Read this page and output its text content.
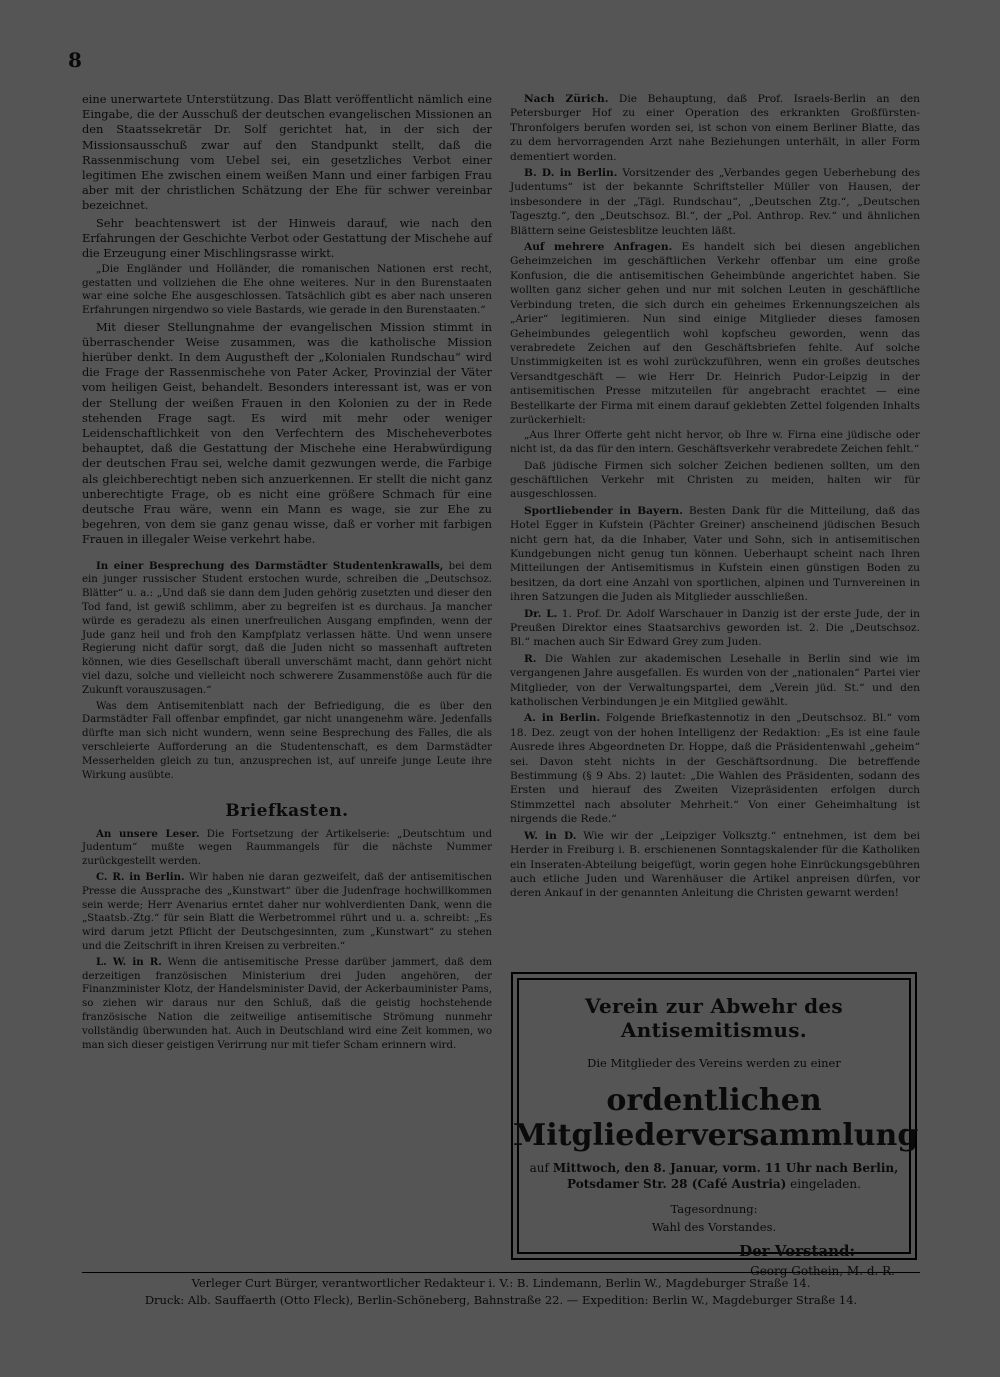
8

eine unerwartete Unterstützung. Das Blatt veröffentlicht nämlich eine Eingabe, die der Ausschuß der deutschen evangelischen Missionen an den Staatssekretär Dr. Solf gerichtet hat, in der sich der Missionsausschuß zwar auf den Standpunkt stellt, daß die Rassenmischung vom Uebel sei, ein gesetzliches Verbot einer legitimen Ehe zwischen einem weißen Mann und einer farbigen Frau aber mit der christlichen Schätzung der Ehe für schwer vereinbar bezeichnet.

Sehr beachtenswert ist der Hinweis darauf, wie nach den Erfahrungen der Geschichte Verbot oder Gestattung der Mischehe auf die Erzeugung einer Mischlingsrasse wirkt.

„Die Engländer und Holländer, die romanischen Nationen erst recht, gestatten und vollziehen die Ehe ohne weiteres. Nur in den Burenstaaten war eine solche Ehe ausgeschlossen. Tatsächlich gibt es aber nach unseren Erfahrungen nirgendwo so viele Bastards, wie gerade in den Burenstaaten.“

Mit dieser Stellungnahme der evangelischen Mission stimmt in überraschender Weise zusammen, was die katholische Mission hierüber denkt. In dem Augustheft der „Kolonialen Rundschau“ wird die Frage der Rassenmischehe von Pater Acker, Provinzial der Väter vom heiligen Geist, behandelt. Besonders interessant ist, was er von der Stellung der weißen Frauen in den Kolonien zu der in Rede stehenden Frage sagt. Es wird mit mehr oder weniger Leidenschaftlichkeit von den Verfechtern des Mischeheverbotes behauptet, daß die Gestattung der Mischehe eine Herabwürdigung der deutschen Frau sei, welche damit gezwungen werde, die Farbige als gleichberechtigt neben sich anzuerkennen. Er stellt die nicht ganz unberechtigte Frage, ob es nicht eine größere Schmach für eine deutsche Frau wäre, wenn ein Mann es wage, sie zur Ehe zu begehren, von dem sie ganz genau wisse, daß er vorher mit farbigen Frauen in illegaler Weise verkehrt habe.

In einer Besprechung des Darmstädter Studentenkrawalls, bei dem ein junger russischer Student erstochen wurde, schreiben die „Deutschsoz. Blätter“ u. a.: „Und daß sie dann dem Juden gehörig zusetzten und dieser den Tod fand, ist gewiß schlimm, aber zu begreifen ist es durchaus. Ja mancher würde es geradezu als einen unerfreulichen Ausgang empfinden, wenn der Jude ganz heil und froh den Kampfplatz verlassen hätte. Und wenn unsere Regierung nicht dafür sorgt, daß die Juden nicht so massenhaft auftreten können, wie dies Gesellschaft überall unverschämt macht, dann gehört nicht viel dazu, solche und vielleicht noch schwerere Zusammenstöße auch für die Zukunft vorauszusagen.“

Was dem Antisemitenblatt nach der Befriedigung, die es über den Darmstädter Fall offenbar empfindet, gar nicht unangenehm wäre. Jedenfalls dürfte man sich nicht wundern, wenn seine Besprechung des Falles, die als verschleierte Aufforderung an die Studentenschaft, es dem Darmstädter Messerhelden gleich zu tun, anzusprechen ist, auf unreife junge Leute ihre Wirkung ausübte.

Briefkasten.

An unsere Leser. Die Fortsetzung der Artikelserie: „Deutschtum und Judentum“ mußte wegen Raummangels für die nächste Nummer zurückgestellt werden.

C. R. in Berlin. Wir haben nie daran gezweifelt, daß der antisemitischen Presse die Aussprache des „Kunstwart“ über die Judenfrage hochwillkommen sein werde; Herr Avenarius erntet daher nur wohlverdienten Dank, wenn die „Staatsb.-Ztg.“ für sein Blatt die Werbetrommel rührt und u. a. schreibt: „Es wird darum jetzt Pflicht der Deutschgesinnten, zum „Kunstwart“ zu stehen und die Zeitschrift in ihren Kreisen zu verbreiten.“

L. W. in R. Wenn die antisemitische Presse darüber jammert, daß dem derzeitigen französischen Ministerium drei Juden angehören, der Finanzminister Klotz, der Handelsminister David, der Ackerbauminister Pams, so ziehen wir daraus nur den Schluß, daß die geistig hochstehende französische Nation die zeitweilige antisemitische Strömung nunmehr vollständig überwunden hat. Auch in Deutschland wird eine Zeit kommen, wo man sich dieser geistigen Verirrung nur mit tiefer Scham erinnern wird.

Nach Zürich. Die Behauptung, daß Prof. Israels-Berlin an den Petersburger Hof zu einer Operation des erkrankten Großfürsten-Thronfolgers berufen worden sei, ist schon von einem Berliner Blatte, das zu dem hervorragenden Arzt nahe Beziehungen unterhält, in aller Form dementiert worden.

B. D. in Berlin. Vorsitzender des „Verbandes gegen Ueberhebung des Judentums“ ist der bekannte Schriftsteller Müller von Hausen, der insbesondere in der „Tägl. Rundschau“, „Deutschen Ztg.“, „Deutschen Tagesztg.“, den „Deutschsoz. Bl.“, der „Pol. Anthrop. Rev.“ und ähnlichen Blättern seine Geistesblitze leuchten läßt.

Auf mehrere Anfragen. Es handelt sich bei diesen angeblichen Geheimzeichen im geschäftlichen Verkehr offenbar um eine große Konfusion, die die antisemitischen Geheimbünde angerichtet haben. Sie wollten ganz sicher gehen und nur mit solchen Leuten in geschäftliche Verbindung treten, die sich durch ein geheimes Erkennungszeichen als „Arier“ legitimieren. Nun sind einige Mitglieder dieses famosen Geheimbundes gelegentlich wohl kopfscheu geworden, wenn das verabredete Zeichen auf den Geschäftsbriefen fehlte. Auf solche Unstimmigkeiten ist es wohl zurückzuführen, wenn ein großes deutsches Versandtgeschäft — wie Herr Dr. Heinrich Pudor-Leipzig in der antisemitischen Presse mitzuteilen für angebracht erachtet — eine Bestellkarte der Firma mit einem darauf geklebten Zettel folgenden Inhalts zurückerhielt:

„Aus Ihrer Offerte geht nicht hervor, ob Ihre w. Firna eine jüdische oder nicht ist, da das für den intern. Geschäftsverkehr verabredete Zeichen fehlt.“

Daß jüdische Firmen sich solcher Zeichen bedienen sollten, um den geschäftlichen Verkehr mit Christen zu meiden, halten wir für ausgeschlossen.

Sportliebender in Bayern. Besten Dank für die Mitteilung, daß das Hotel Egger in Kufstein (Pächter Greiner) anscheinend jüdischen Besuch nicht gern hat, da die Inhaber, Vater und Sohn, sich in antisemitischen Kundgebungen nicht genug tun können. Ueberhaupt scheint nach Ihren Mitteilungen der Antisemitismus in Kufstein einen günstigen Boden zu besitzen, da dort eine Anzahl von sportlichen, alpinen und Turnvereinen in ihren Satzungen die Juden als Mitglieder ausschließen.

Dr. L. 1. Prof. Dr. Adolf Warschauer in Danzig ist der erste Jude, der in Preußen Direktor eines Staatsarchivs geworden ist. 2. Die „Deutschsoz. Bl.“ machen auch Sir Edward Grey zum Juden.

R. Die Wahlen zur akademischen Lesehalle in Berlin sind wie im vergangenen Jahre ausgefallen. Es wurden von der „nationalen“ Partei vier Mitglieder, von der Verwaltungspartei, dem „Verein jüd. St.“ und den katholischen Verbindungen je ein Mitglied gewählt.

A. in Berlin. Folgende Briefkastennotiz in den „Deutschsoz. Bl.“ vom 18. Dez. zeugt von der hohen Intelligenz der Redaktion: „Es ist eine faule Ausrede ihres Abgeordneten Dr. Hoppe, daß die Präsidentenwahl „geheim“ sei. Davon steht nichts in der Geschäftsordnung. Die betreffende Bestimmung (§ 9 Abs. 2) lautet: „Die Wahlen des Präsidenten, sodann des Ersten und hierauf des Zweiten Vizepräsidenten erfolgen durch Stimmzettel nach absoluter Mehrheit.“ Von einer Geheimhaltung ist nirgends die Rede.“

W. in D. Wie wir der „Leipziger Volksztg.“ entnehmen, ist dem bei Herder in Freiburg i. B. erschienenen Sonntagskalender für die Katholiken ein Inseraten-Abteilung beigefügt, worin gegen hohe Einrückungsgebühren auch etliche Juden und Warenhäuser die Artikel anpreisen dürfen, vor deren Ankauf in der genannten Anleitung die Christen gewarnt werden!

Verein zur Abwehr des Antisemitismus.
Die Mitglieder des Vereins werden zu einer
ordentlichen
Mitgliederversammlung
auf Mittwoch, den 8. Januar, vorm. 11 Uhr nach Berlin, Potsdamer Str. 28 (Café Austria) eingeladen.
Tagesordnung:
Wahl des Vorstandes.
Der Vorstand:
Georg Gothein, M. d. R.
Verleger Curt Bürger, verantwortlicher Redakteur i. V.: B. Lindemann, Berlin W., Magdeburger Straße 14.
Druck: Alb. Sauffaerth (Otto Fleck), Berlin-Schöneberg, Bahnstraße 22. — Expedition: Berlin W., Magdeburger Straße 14.
